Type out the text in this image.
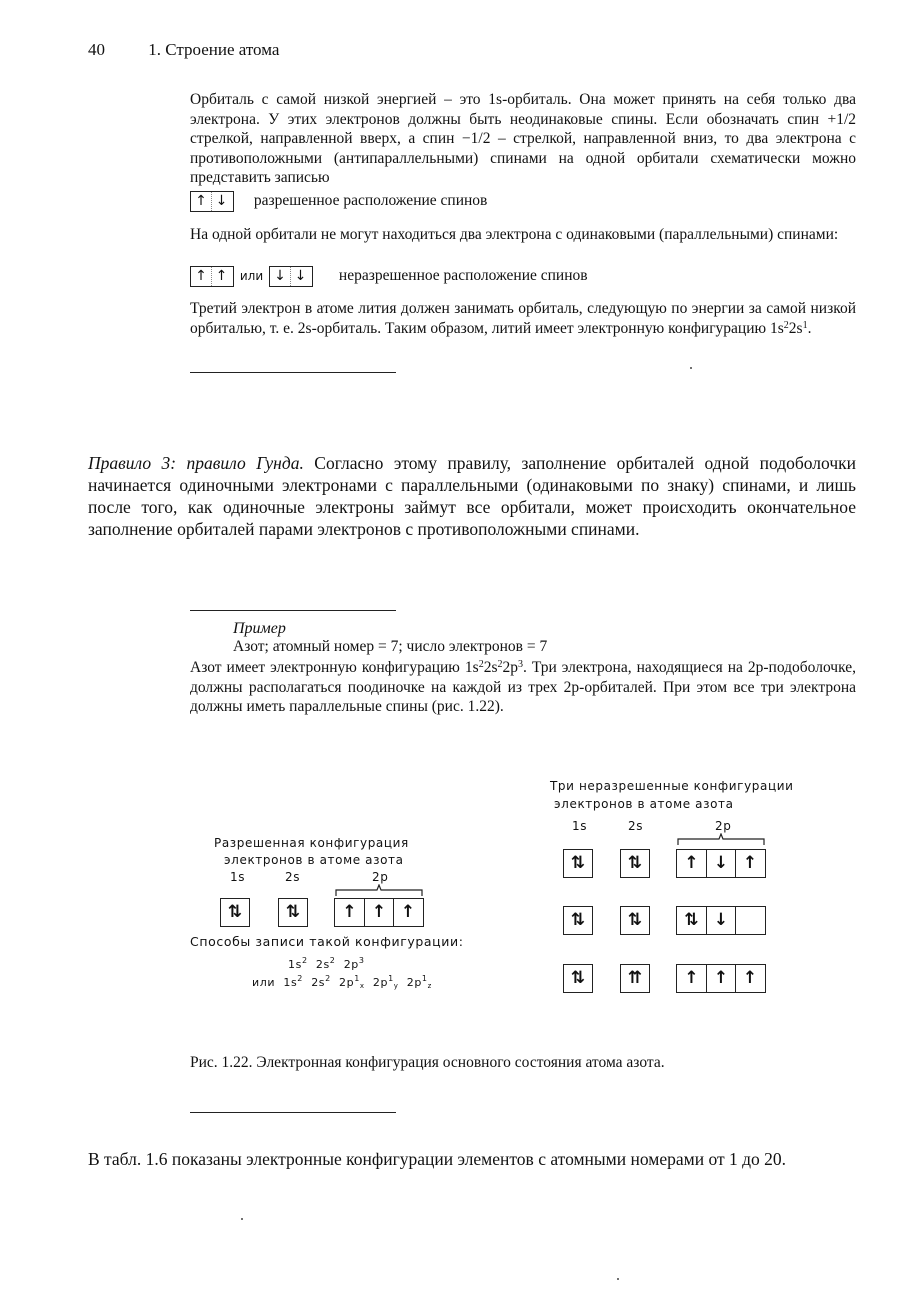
40	1. Строение атома
Орбиталь с самой низкой энергией – это 1s-орбиталь. Она может принять на себя только два электрона. У этих электронов должны быть неодинаковые спины. Если обозначать спин +1/2 стрелкой, направленной вверх, а спин −1/2 – стрелкой, направленной вниз, то два электрона с противоположными (антипараллельными) спинами на одной орбитали схематически можно представить записью
↑ ↓ разрешенное расположение спинов
На одной орбитали не могут находиться два электрона с одинаковыми (параллельными) спинами:
↑ ↑ или ↓ ↓ неразрешенное расположение спинов
Третий электрон в атоме лития должен занимать орбиталь, следующую по энергии за самой низкой орбиталью, т. е. 2s-орбиталь. Таким образом, литий имеет электронную конфигурацию $1s^22s^1$.
Правило 3: правило Гунда. Согласно этому правилу, заполнение орбиталей одной подоболочки начинается одиночными электронами с параллельными (одинаковыми по знаку) спинами, и лишь после того, как одиночные электроны займут все орбитали, может происходить окончательное заполнение орбиталей парами электронов с противоположными спинами.
Пример
Азот; атомный номер = 7; число электронов = 7
Азот имеет электронную конфигурацию $1s^22s^22p^3$. Три электрона, находящиеся на 2p-подоболочке, должны располагаться поодиночке на каждой из трех 2p-орбиталей. При этом все три электрона должны иметь параллельные спины (рис. 1.22).
Разрешенная конфигурация
электронов в атоме азота
1s	2s	2p
⇅	⇅	↑ ↑ ↑
Способы записи такой конфигурации:
$1s^2$ $2s^2$ $2p^3$
или $1s^2$ $2s^2$ $2p^1_x$ $2p^1_y$ $2p^1_z$
Три неразрешенные конфигурации
электронов в атоме азота
1s	2s	2p
⇅	⇅	↑ ↓ ↑
⇅	⇅	⇅ ↓
⇅	⇈	↑ ↑ ↑
Рис. 1.22. Электронная конфигурация основного состояния атома азота.
В табл. 1.6 показаны электронные конфигурации элементов с атомными номерами от 1 до 20.
